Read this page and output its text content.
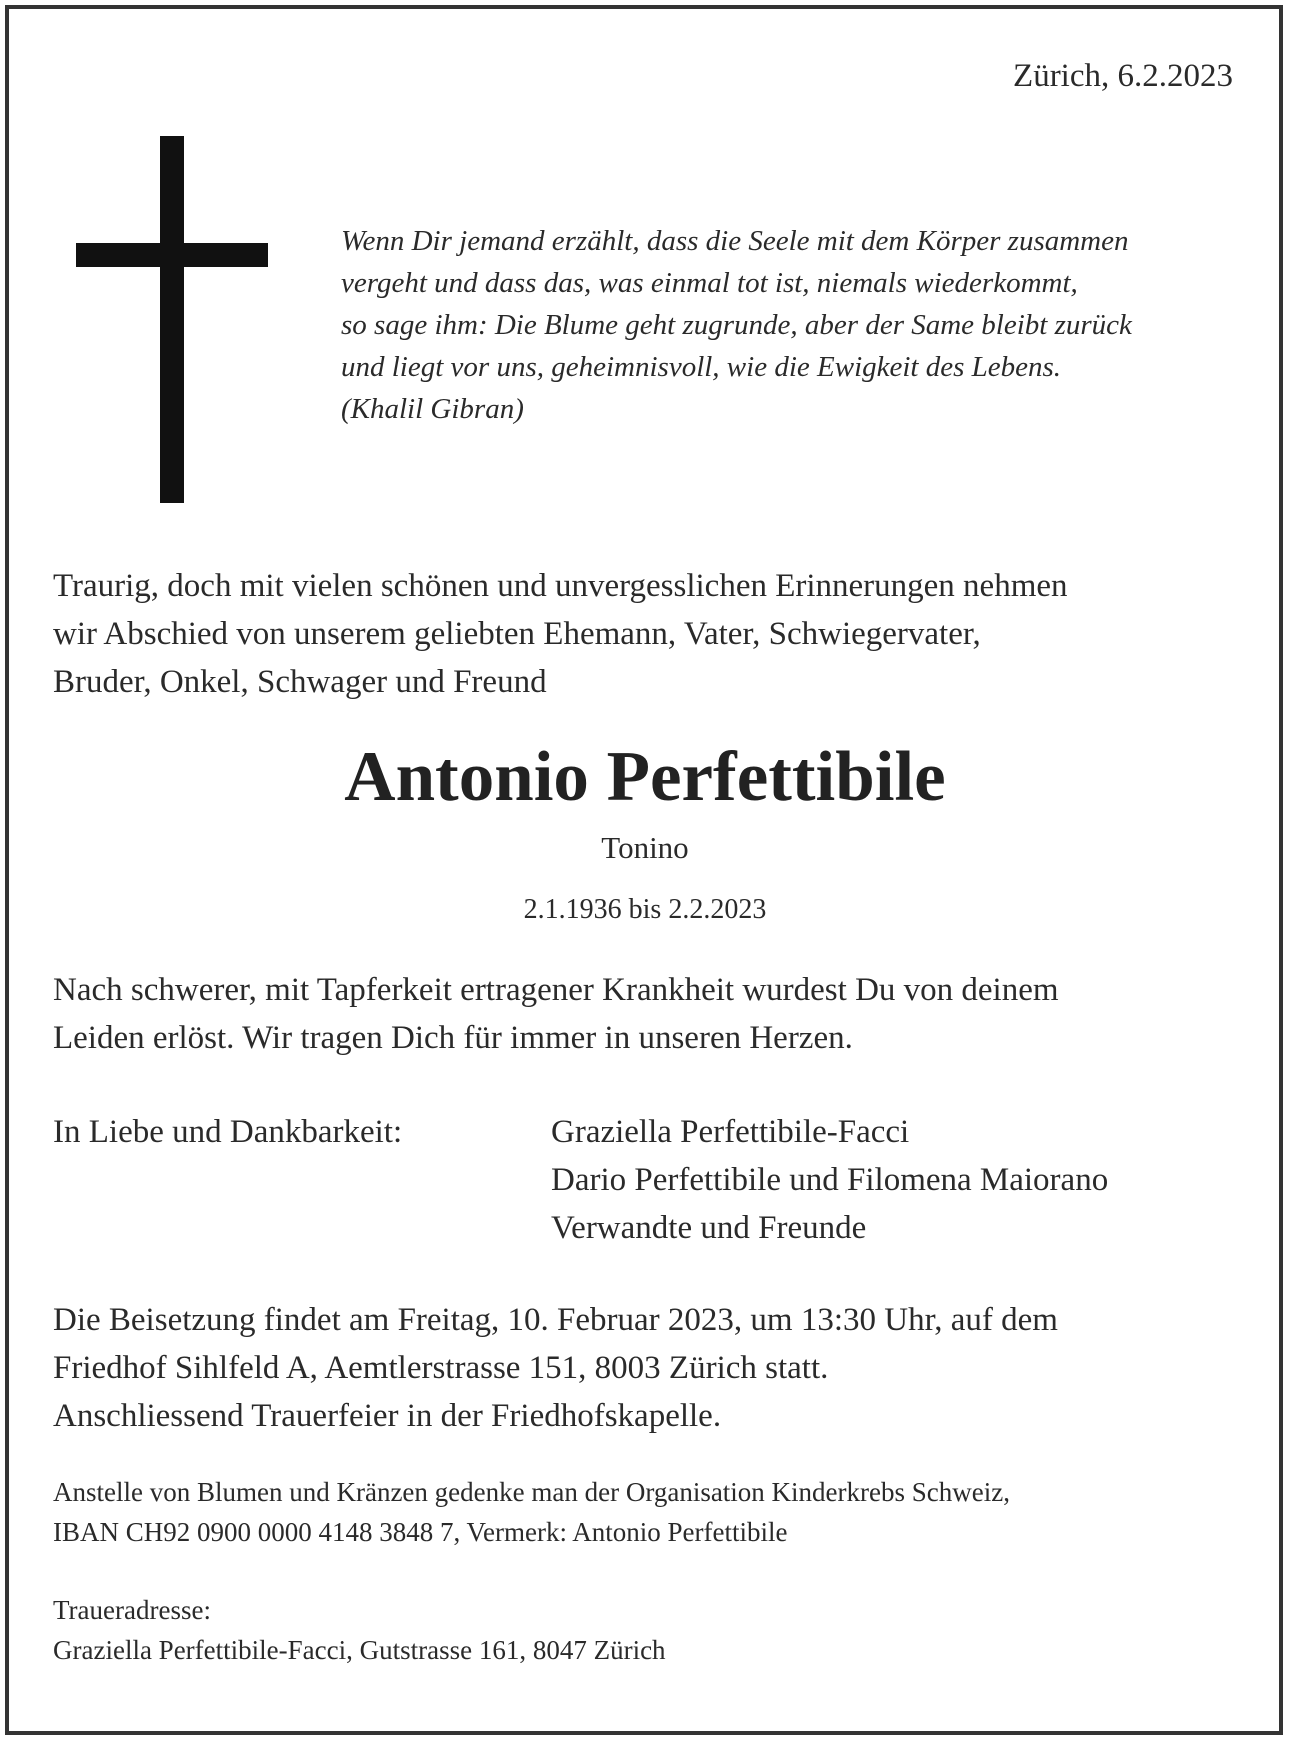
Zürich, 6.2.2023
Wenn Dir jemand erzählt, dass die Seele mit dem Körper zusammen
vergeht und dass das, was einmal tot ist, niemals wiederkommt,
so sage ihm: Die Blume geht zugrunde, aber der Same bleibt zurück
und liegt vor uns, geheimnisvoll, wie die Ewigkeit des Lebens.
(Khalil Gibran)
Traurig, doch mit vielen schönen und unvergesslichen Erinnerungen nehmen
wir Abschied von unserem geliebten Ehemann, Vater, Schwiegervater,
Bruder, Onkel, Schwager und Freund
Antonio Perfettibile
Tonino
2.1.1936 bis 2.2.2023
Nach schwerer, mit Tapferkeit ertragener Krankheit wurdest Du von deinem
Leiden erlöst. Wir tragen Dich für immer in unseren Herzen.
In Liebe und Dankbarkeit:	Graziella Perfettibile-Facci
Dario Perfettibile und Filomena Maiorano
Verwandte und Freunde
Die Beisetzung findet am Freitag, 10. Februar 2023, um 13:30 Uhr, auf dem
Friedhof Sihlfeld A, Aemtlerstrasse 151, 8003 Zürich statt.
Anschliessend Trauerfeier in der Friedhofskapelle.
Anstelle von Blumen und Kränzen gedenke man der Organisation Kinderkrebs Schweiz,
IBAN CH92 0900 0000 4148 3848 7, Vermerk: Antonio Perfettibile
Traueradresse:
Graziella Perfettibile-Facci, Gutstrasse 161, 8047 Zürich
